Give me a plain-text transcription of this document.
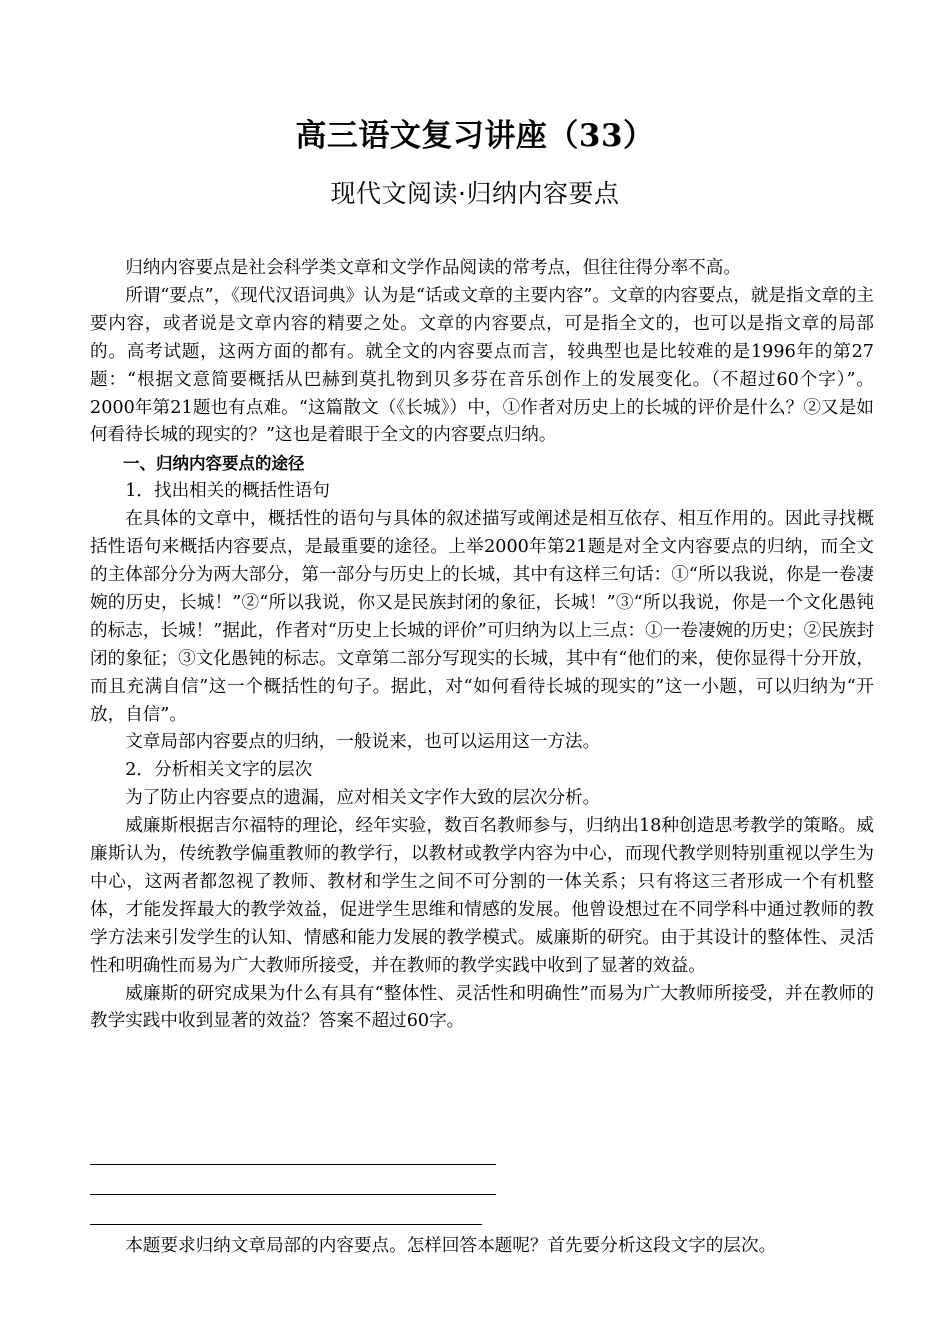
高三语文复习讲座（33）
现代文阅读·归纳内容要点

归纳内容要点是社会科学类文章和文学作品阅读的常考点，但往往得分率不高。

所谓“要点”，《现代汉语词典》认为是“话或文章的主要内容”。文章的内容要点，就是指文章的主要内容，或者说是文章内容的精要之处。文章的内容要点，可是指全文的，也可以是指文章的局部的。高考试题，这两方面的都有。就全文的内容要点而言，较典型也是比较难的是1996年的第27题：“根据文意简要概括从巴赫到莫扎物到贝多芬在音乐创作上的发展变化。（不超过60个字）”。2000年第21题也有点难。“这篇散文（《长城》）中，①作者对历史上的长城的评价是什么？②又是如何看待长城的现实的？”这也是着眼于全文的内容要点归纳。

一、归纳内容要点的途径

1．找出相关的概括性语句

在具体的文章中，概括性的语句与具体的叙述描写或阐述是相互依存、相互作用的。因此寻找概括性语句来概括内容要点，是最重要的途径。上举2000年第21题是对全文内容要点的归纳，而全文的主体部分分为两大部分，第一部分与历史上的长城，其中有这样三句话：①“所以我说，你是一卷凄婉的历史，长城！”②“所以我说，你又是民族封闭的象征，长城！”③“所以我说，你是一个文化愚钝的标志，长城！”据此，作者对“历史上长城的评价”可归纳为以上三点：①一卷凄婉的历史；②民族封闭的象征；③文化愚钝的标志。文章第二部分写现实的长城，其中有“他们的来，使你显得十分开放，而且充满自信”这一个概括性的句子。据此，对“如何看待长城的现实的”这一小题，可以归纳为“开放，自信”。

文章局部内容要点的归纳，一般说来，也可以运用这一方法。

2．分析相关文字的层次

为了防止内容要点的遗漏，应对相关文字作大致的层次分析。

威廉斯根据吉尔福特的理论，经年实验，数百名教师参与，归纳出18种创造思考教学的策略。威廉斯认为，传统教学偏重教师的教学行，以教材或教学内容为中心，而现代教学则特别重视以学生为中心，这两者都忽视了教师、教材和学生之间不可分割的一体关系；只有将这三者形成一个有机整体，才能发挥最大的教学效益，促进学生思维和情感的发展。他曾设想过在不同学科中通过教师的教学方法来引发学生的认知、情感和能力发展的教学模式。威廉斯的研究。由于其设计的整体性、灵活性和明确性而易为广大教师所接受，并在教师的教学实践中收到了显著的效益。

威廉斯的研究成果为什么有具有“整体性、灵活性和明确性”而易为广大教师所接受，并在教师的教学实践中收到显著的效益？答案不超过60字。

本题要求归纳文章局部的内容要点。怎样回答本题呢？首先要分析这段文字的层次。
